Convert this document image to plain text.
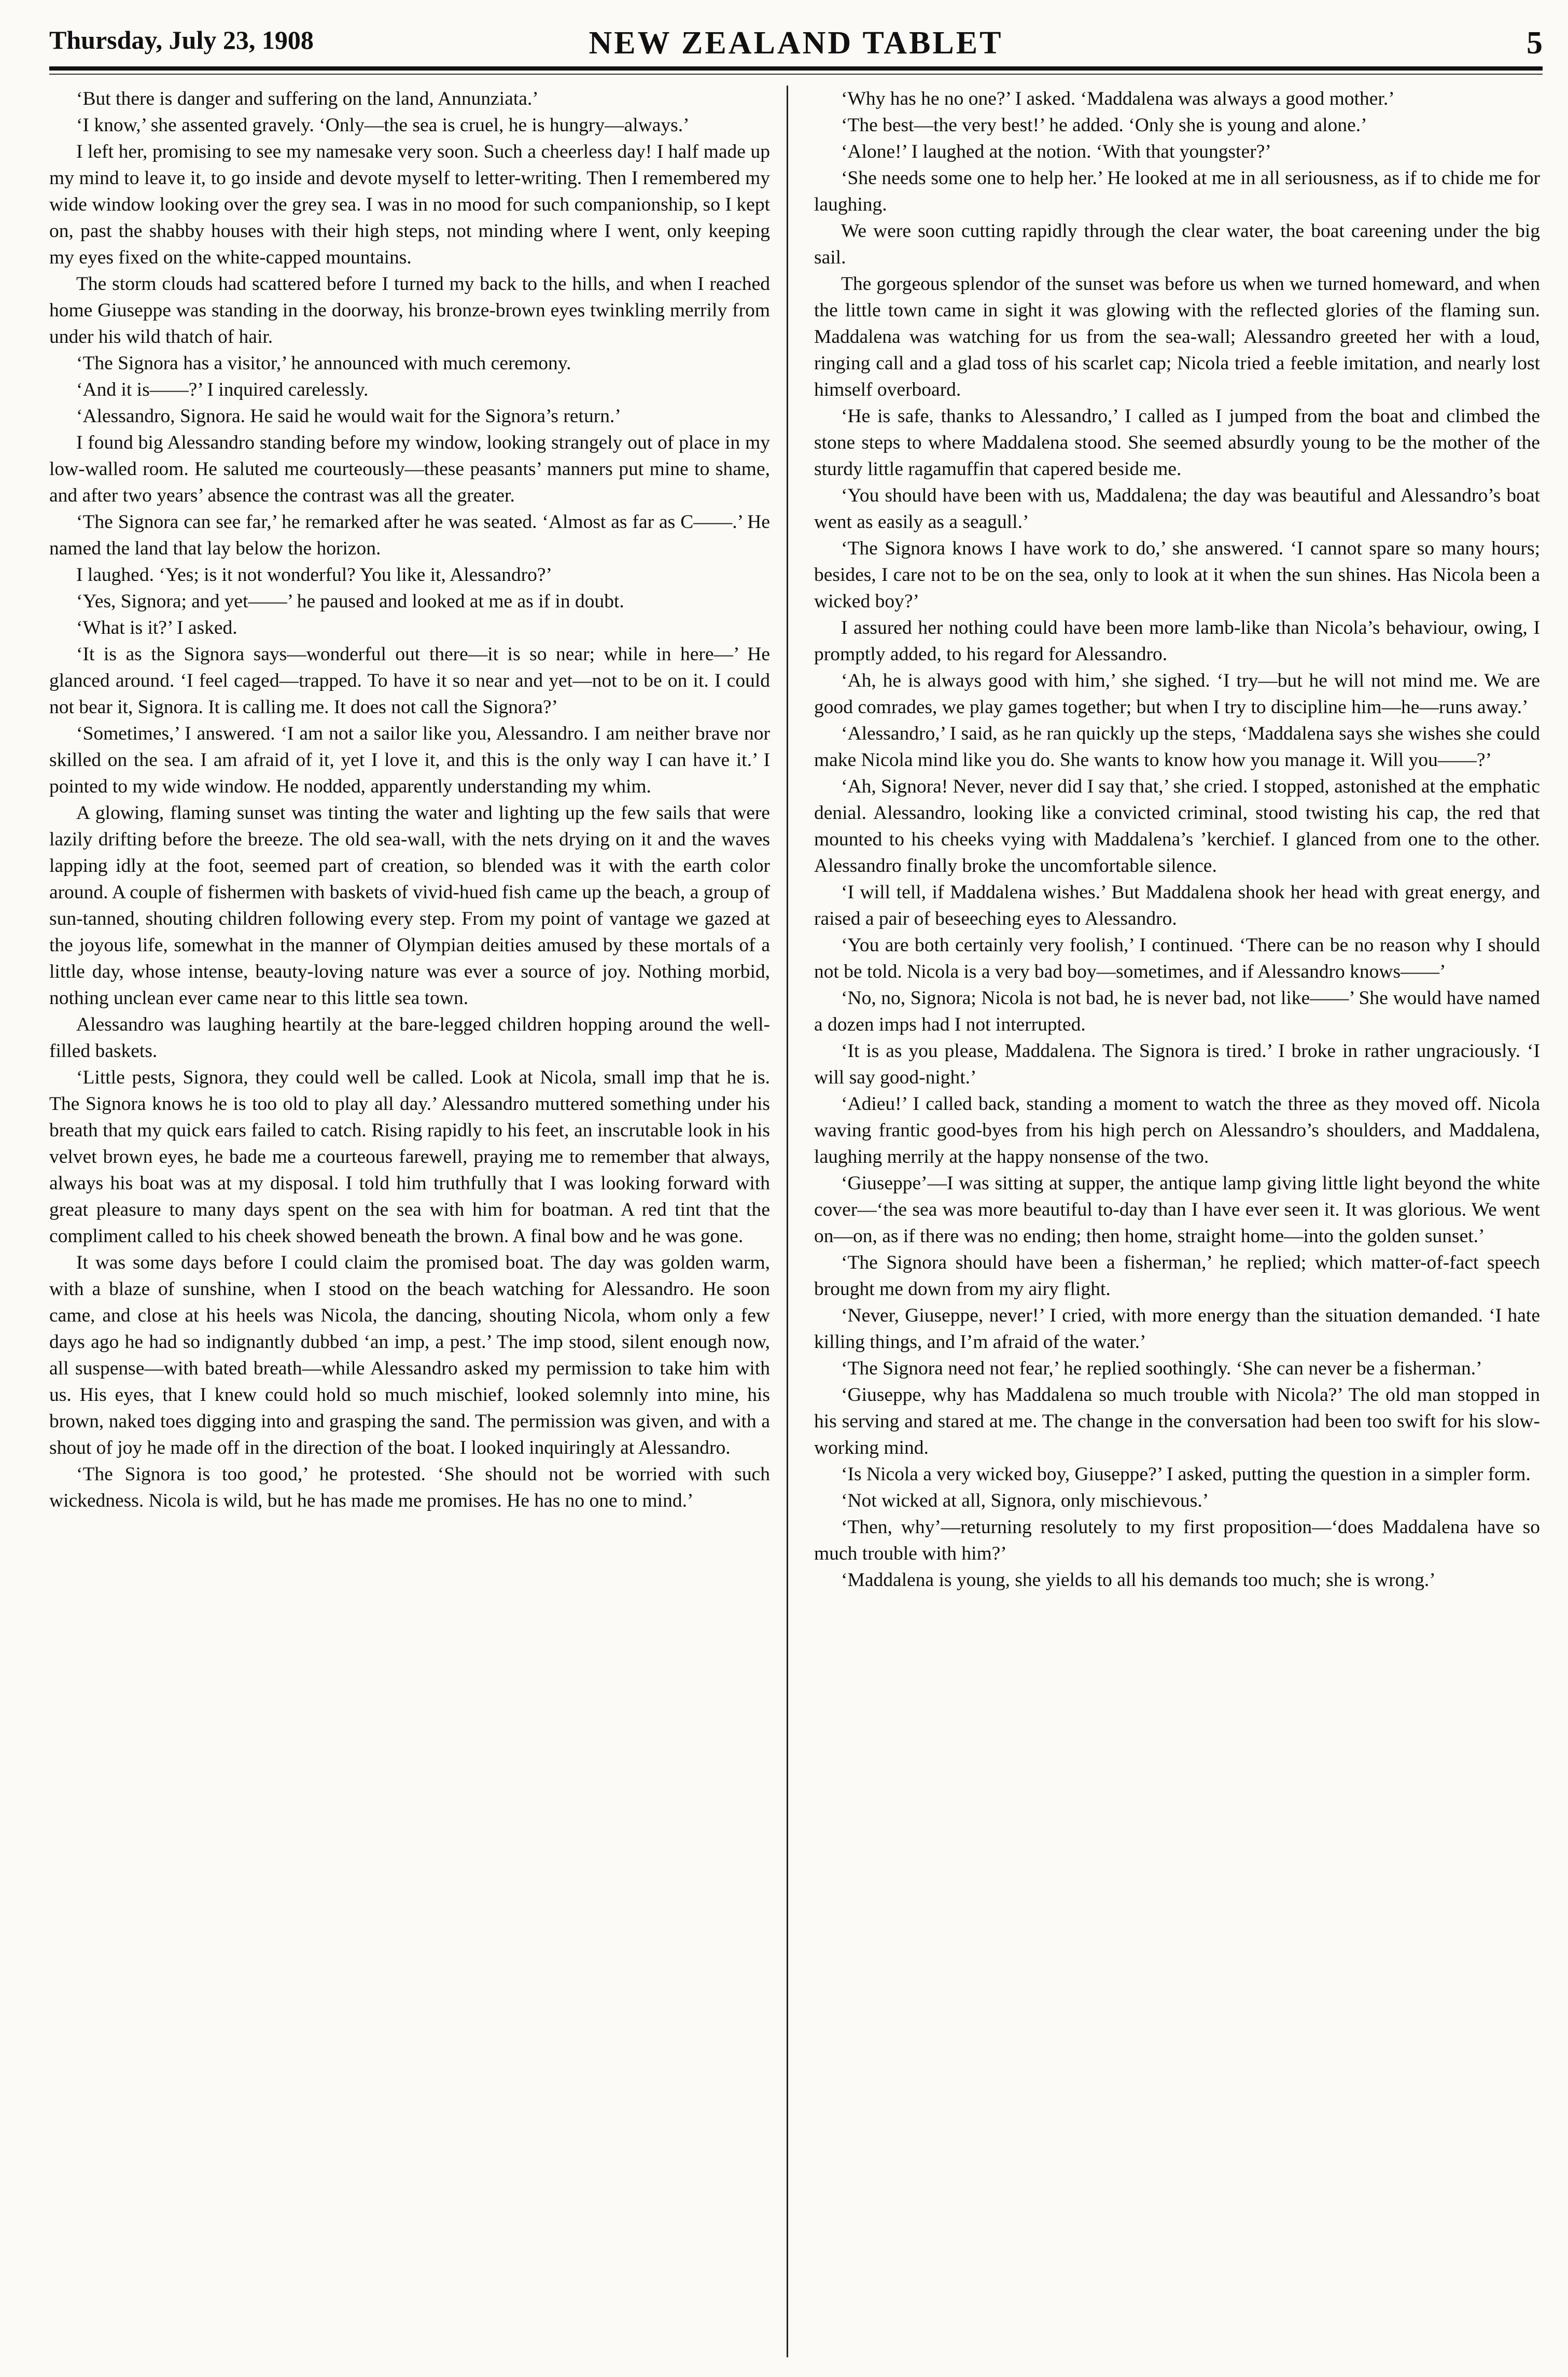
Thursday, July 23, 1908	NEW ZEALAND TABLET	5

‘But there is danger and suffering on the land, Annunziata.’

‘I know,’ she assented gravely. ‘Only—the sea is cruel, he is hungry—always.’

I left her, promising to see my namesake very soon. Such a cheerless day! I half made up my mind to leave it, to go inside and devote myself to letter-writing. Then I remembered my wide window looking over the grey sea. I was in no mood for such companionship, so I kept on, past the shabby houses with their high steps, not minding where I went, only keeping my eyes fixed on the white-capped mountains.

The storm clouds had scattered before I turned my back to the hills, and when I reached home Giuseppe was standing in the doorway, his bronze-brown eyes twinkling merrily from under his wild thatch of hair.

‘The Signora has a visitor,’ he announced with much ceremony.

‘And it is——?’ I inquired carelessly.

‘Alessandro, Signora. He said he would wait for the Signora’s return.’

I found big Alessandro standing before my window, looking strangely out of place in my low-walled room. He saluted me courteously—these peasants’ manners put mine to shame, and after two years’ absence the contrast was all the greater.

‘The Signora can see far,’ he remarked after he was seated. ‘Almost as far as C——.’ He named the land that lay below the horizon.

I laughed. ‘Yes; is it not wonderful? You like it, Alessandro?’

‘Yes, Signora; and yet——’ he paused and looked at me as if in doubt.

‘What is it?’ I asked.

‘It is as the Signora says—wonderful out there—it is so near; while in here—’ He glanced around. ‘I feel caged—trapped. To have it so near and yet—not to be on it. I could not bear it, Signora. It is calling me. It does not call the Signora?’

‘Sometimes,’ I answered. ‘I am not a sailor like you, Alessandro. I am neither brave nor skilled on the sea. I am afraid of it, yet I love it, and this is the only way I can have it.’ I pointed to my wide window. He nodded, apparently understanding my whim.

A glowing, flaming sunset was tinting the water and lighting up the few sails that were lazily drifting before the breeze. The old sea-wall, with the nets drying on it and the waves lapping idly at the foot, seemed part of creation, so blended was it with the earth color around. A couple of fishermen with baskets of vivid-hued fish came up the beach, a group of sun-tanned, shouting children following every step. From my point of vantage we gazed at the joyous life, somewhat in the manner of Olympian deities amused by these mortals of a little day, whose intense, beauty-loving nature was ever a source of joy. Nothing morbid, nothing unclean ever came near to this little sea town.

Alessandro was laughing heartily at the bare-legged children hopping around the well-filled baskets.

‘Little pests, Signora, they could well be called. Look at Nicola, small imp that he is. The Signora knows he is too old to play all day.’ Alessandro muttered something under his breath that my quick ears failed to catch. Rising rapidly to his feet, an inscrutable look in his velvet brown eyes, he bade me a courteous farewell, praying me to remember that always, always his boat was at my disposal. I told him truthfully that I was looking forward with great pleasure to many days spent on the sea with him for boatman. A red tint that the compliment called to his cheek showed beneath the brown. A final bow and he was gone.

It was some days before I could claim the promised boat. The day was golden warm, with a blaze of sunshine, when I stood on the beach watching for Alessandro. He soon came, and close at his heels was Nicola, the dancing, shouting Nicola, whom only a few days ago he had so indignantly dubbed ‘an imp, a pest.’ The imp stood, silent enough now, all suspense—with bated breath—while Alessandro asked my permission to take him with us. His eyes, that I knew could hold so much mischief, looked solemnly into mine, his brown, naked toes digging into and grasping the sand. The permission was given, and with a shout of joy he made off in the direction of the boat. I looked inquiringly at Alessandro.

‘The Signora is too good,’ he protested. ‘She should not be worried with such wickedness. Nicola is wild, but he has made me promises. He has no one to mind.’

‘Why has he no one?’ I asked. ‘Maddalena was always a good mother.’

‘The best—the very best!’ he added. ‘Only she is young and alone.’

‘Alone!’ I laughed at the notion. ‘With that youngster?’

‘She needs some one to help her.’ He looked at me in all seriousness, as if to chide me for laughing.

We were soon cutting rapidly through the clear water, the boat careening under the big sail.

The gorgeous splendor of the sunset was before us when we turned homeward, and when the little town came in sight it was glowing with the reflected glories of the flaming sun. Maddalena was watching for us from the sea-wall; Alessandro greeted her with a loud, ringing call and a glad toss of his scarlet cap; Nicola tried a feeble imitation, and nearly lost himself overboard.

‘He is safe, thanks to Alessandro,’ I called as I jumped from the boat and climbed the stone steps to where Maddalena stood. She seemed absurdly young to be the mother of the sturdy little ragamuffin that capered beside me.

‘You should have been with us, Maddalena; the day was beautiful and Alessandro’s boat went as easily as a seagull.’

‘The Signora knows I have work to do,’ she answered. ‘I cannot spare so many hours; besides, I care not to be on the sea, only to look at it when the sun shines. Has Nicola been a wicked boy?’

I assured her nothing could have been more lamb-like than Nicola’s behaviour, owing, I promptly added, to his regard for Alessandro.

‘Ah, he is always good with him,’ she sighed. ‘I try—but he will not mind me. We are good comrades, we play games together; but when I try to discipline him—he—runs away.’

‘Alessandro,’ I said, as he ran quickly up the steps, ‘Maddalena says she wishes she could make Nicola mind like you do. She wants to know how you manage it. Will you——?’

‘Ah, Signora! Never, never did I say that,’ she cried. I stopped, astonished at the emphatic denial. Alessandro, looking like a convicted criminal, stood twisting his cap, the red that mounted to his cheeks vying with Maddalena’s ’kerchief. I glanced from one to the other. Alessandro finally broke the uncomfortable silence.

‘I will tell, if Maddalena wishes.’ But Maddalena shook her head with great energy, and raised a pair of beseeching eyes to Alessandro.

‘You are both certainly very foolish,’ I continued. ‘There can be no reason why I should not be told. Nicola is a very bad boy—sometimes, and if Alessandro knows——’

‘No, no, Signora; Nicola is not bad, he is never bad, not like——’ She would have named a dozen imps had I not interrupted.

‘It is as you please, Maddalena. The Signora is tired.’ I broke in rather ungraciously. ‘I will say good-night.’

‘Adieu!’ I called back, standing a moment to watch the three as they moved off. Nicola waving frantic good-byes from his high perch on Alessandro’s shoulders, and Maddalena, laughing merrily at the happy nonsense of the two.

‘Giuseppe’—I was sitting at supper, the antique lamp giving little light beyond the white cover—‘the sea was more beautiful to-day than I have ever seen it. It was glorious. We went on—on, as if there was no ending; then home, straight home—into the golden sunset.’

‘The Signora should have been a fisherman,’ he replied; which matter-of-fact speech brought me down from my airy flight.

‘Never, Giuseppe, never!’ I cried, with more energy than the situation demanded. ‘I hate killing things, and I’m afraid of the water.’

‘The Signora need not fear,’ he replied soothingly. ‘She can never be a fisherman.’

‘Giuseppe, why has Maddalena so much trouble with Nicola?’ The old man stopped in his serving and stared at me. The change in the conversation had been too swift for his slow-working mind.

‘Is Nicola a very wicked boy, Giuseppe?’ I asked, putting the question in a simpler form.

‘Not wicked at all, Signora, only mischievous.’

‘Then, why’—returning resolutely to my first proposition—‘does Maddalena have so much trouble with him?’

‘Maddalena is young, she yields to all his demands too much; she is wrong.’
